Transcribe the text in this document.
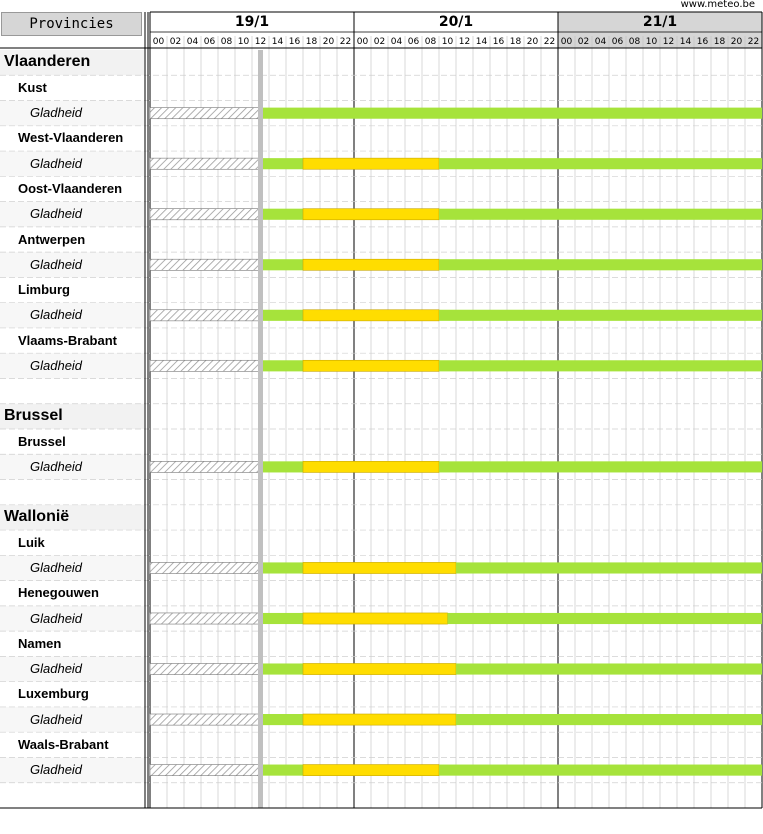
www.meteo.be
Provincies
Vlaanderen
Kust
Gladheid
West-Vlaanderen
Gladheid
Oost-Vlaanderen
Gladheid
Antwerpen
Gladheid
Limburg
Gladheid
Vlaams-Brabant
Gladheid
Brussel
Brussel
Gladheid
Wallonië
Luik
Gladheid
Henegouwen
Gladheid
Namen
Gladheid
Luxemburg
Gladheid
Waals-Brabant
Gladheid
19/1
00 02 04 06 08 10 12 14 16 18 20 22
20/1
00 02 04 06 08 10 12 14 16 18 20 22
21/1
00 02 04 06 08 10 12 14 16 18 20 22
